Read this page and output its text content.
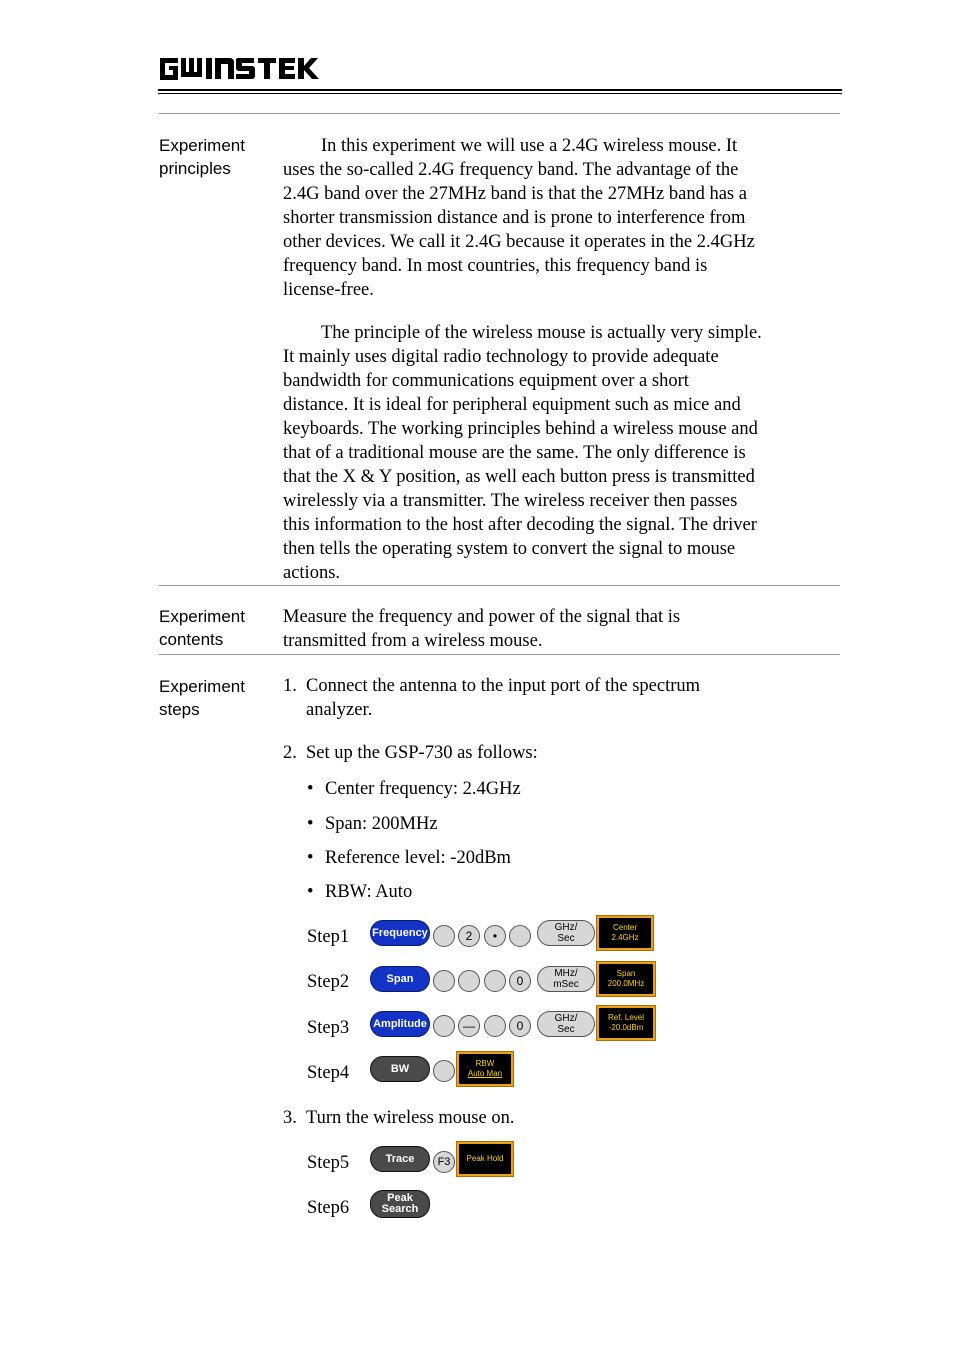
Experiment
principles

In this experiment we will use a 2.4G wireless mouse. It
uses the so-called 2.4G frequency band. The advantage of the
2.4G band over the 27MHz band is that the 27MHz band has a
shorter transmission distance and is prone to interference from
other devices. We call it 2.4G because it operates in the 2.4GHz
frequency band. In most countries, this frequency band is
license-free.

The principle of the wireless mouse is actually very simple.
It mainly uses digital radio technology to provide adequate
bandwidth for communications equipment over a short
distance. It is ideal for peripheral equipment such as mice and
keyboards. The working principles behind a wireless mouse and
that of a traditional mouse are the same. The only difference is
that the X & Y position, as well each button press is transmitted
wirelessly via a transmitter. The wireless receiver then passes
this information to the host after decoding the signal. The driver
then tells the operating system to convert the signal to mouse
actions.

Experiment
contents
Measure the frequency and power of the signal that is
transmitted from a wireless mouse.
Experiment
steps
1. Connect the antenna to the input port of the spectrum
analyzer.
2. Set up the GSP-730 as follows:
• Center frequency: 2.4GHz
• Span: 200MHz
• Reference level: -20dBm
• RBW: Auto
Step1 Frequency	2	•
GHz/
Sec
Center
2.4GHz
Step2	Span	0
MHz/
mSec
Span
200.0MHz
Step3 Amplitude	—	0
GHz/
Sec
Ref. Level
-20.0dBm
Step4	BW	RBW
Auto Man
3. Turn the wireless mouse on.
Step5	Trace	F3	Peak Hold
Step6	Peak
Search
